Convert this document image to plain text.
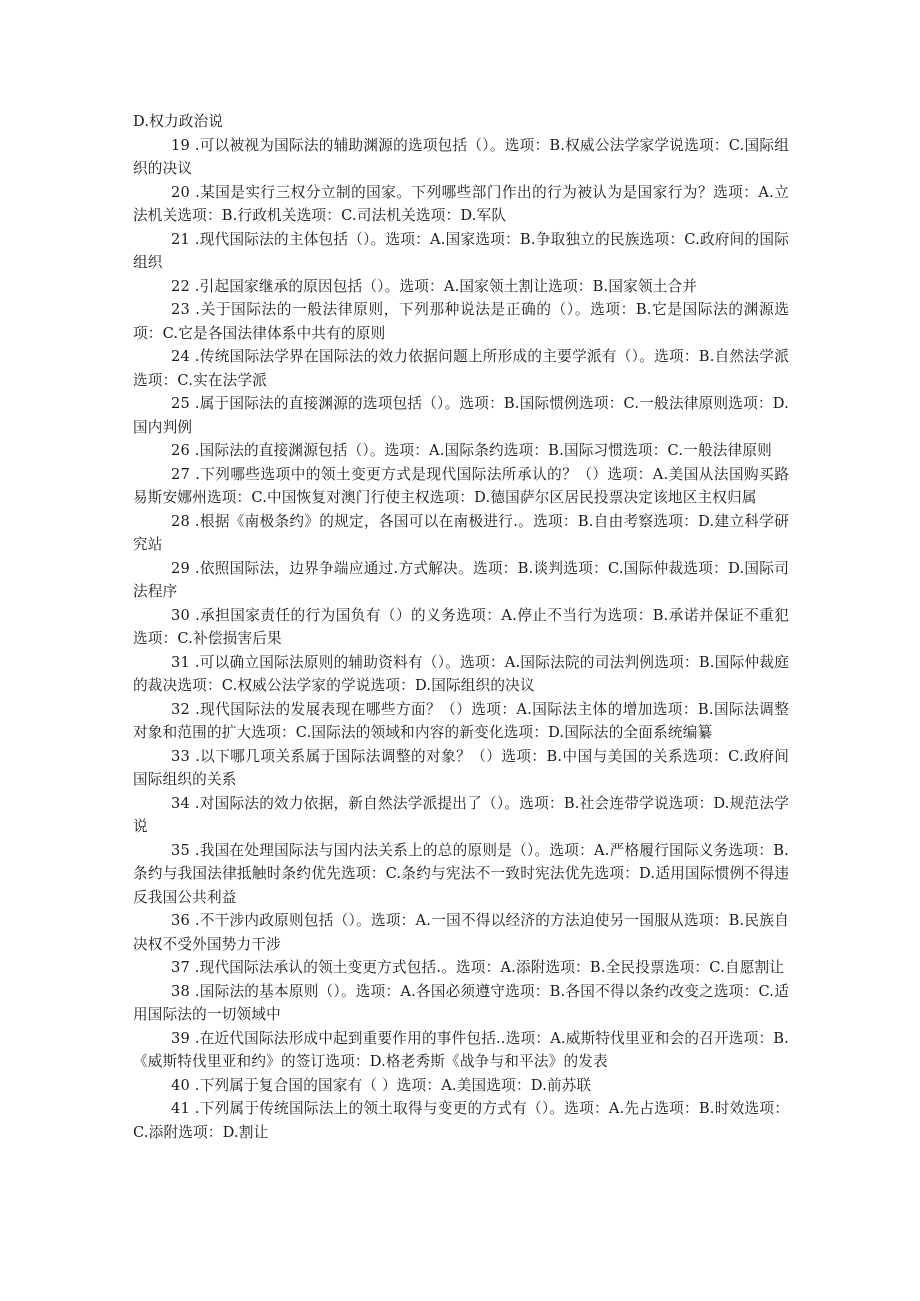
D.权力政治说

19 .可以被视为国际法的辅助渊源的选项包括（）。选项：B.权威公法学家学说选项：C.国际组织的决议

20 .某国是实行三权分立制的国家。下列哪些部门作出的行为被认为是国家行为？选项：A.立法机关选项：B.行政机关选项：C.司法机关选项：D.军队

21 .现代国际法的主体包括（）。选项：A.国家选项：B.争取独立的民族选项：C.政府间的国际组织

22 .引起国家继承的原因包括（）。选项：A.国家领土割让选项：B.国家领土合并

23 .关于国际法的一般法律原则，下列那种说法是正确的（）。选项：B.它是国际法的渊源选项：C.它是各国法律体系中共有的原则

24 .传统国际法学界在国际法的效力依据问题上所形成的主要学派有（）。选项：B.自然法学派选项：C.实在法学派

25 .属于国际法的直接渊源的选项包括（）。选项：B.国际惯例选项：C.一般法律原则选项：D.国内判例

26 .国际法的直接渊源包括（）。选项：A.国际条约选项：B.国际习惯选项：C.一般法律原则

27 .下列哪些选项中的领土变更方式是现代国际法所承认的？（）选项：A.美国从法国购买路易斯安娜州选项：C.中国恢复对澳门行使主权选项：D.德国萨尔区居民投票决定该地区主权归属

28 .根据《南极条约》的规定，各国可以在南极进行.。选项：B.自由考察选项：D.建立科学研究站

29 .依照国际法，边界争端应通过.方式解决。选项：B.谈判选项：C.国际仲裁选项：D.国际司法程序

30 .承担国家责任的行为国负有（）的义务选项：A.停止不当行为选项：B.承诺并保证不重犯选项：C.补偿损害后果

31 .可以确立国际法原则的辅助资料有（）。选项：A.国际法院的司法判例选项：B.国际仲裁庭的裁决选项：C.权威公法学家的学说选项：D.国际组织的决议

32 .现代国际法的发展表现在哪些方面？（）选项：A.国际法主体的增加选项：B.国际法调整对象和范围的扩大选项：C.国际法的领域和内容的新变化选项：D.国际法的全面系统编纂

33 .以下哪几项关系属于国际法调整的对象？（）选项：B.中国与美国的关系选项：C.政府间国际组织的关系

34 .对国际法的效力依据，新自然法学派提出了（）。选项：B.社会连带学说选项：D.规范法学说

35 .我国在处理国际法与国内法关系上的总的原则是（）。选项：A.严格履行国际义务选项：B.条约与我国法律抵触时条约优先选项：C.条约与宪法不一致时宪法优先选项：D.适用国际惯例不得违反我国公共利益

36 .不干涉内政原则包括（）。选项：A.一国不得以经济的方法迫使另一国服从选项：B.民族自决权不受外国势力干涉

37 .现代国际法承认的领土变更方式包括.。选项：A.添附选项：B.全民投票选项：C.自愿割让

38 .国际法的基本原则（）。选项：A.各国必须遵守选项：B.各国不得以条约改变之选项：C.适用国际法的一切领域中

39 .在近代国际法形成中起到重要作用的事件包括..选项：A.威斯特伐里亚和会的召开选项：B.《威斯特伐里亚和约》的签订选项：D.格老秀斯《战争与和平法》的发表

40 .下列属于复合国的国家有（ ）选项：A.美国选项：D.前苏联

41 .下列属于传统国际法上的领土取得与变更的方式有（）。选项：A.先占选项：B.时效选项：C.添附选项：D.割让
